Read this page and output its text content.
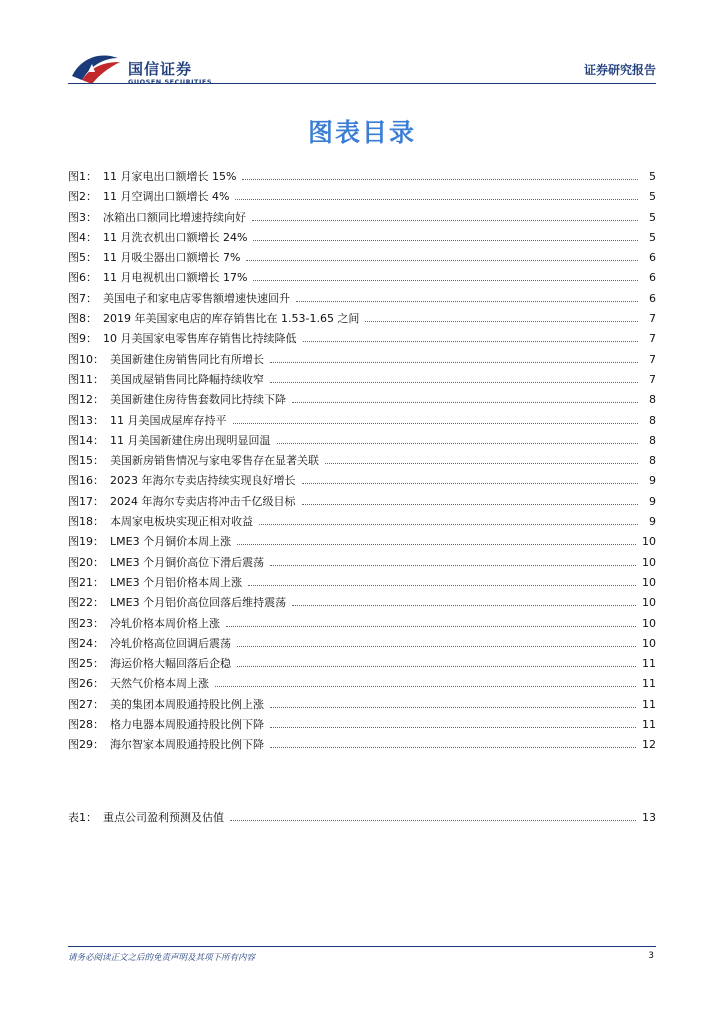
国信证券
GUOSEN SECURITIES
证券研究报告
图表目录
图1： 11 月家电出口额增长 15%	5
图2： 11 月空调出口额增长 4%	5
图3： 冰箱出口额同比增速持续向好	5
图4： 11 月洗衣机出口额增长 24%	5
图5： 11 月吸尘器出口额增长 7%	6
图6： 11 月电视机出口额增长 17%	6
图7： 美国电子和家电店零售额增速快速回升	6
图8： 2019 年美国家电店的库存销售比在 1.53-1.65 之间	7
图9： 10 月美国家电零售库存销售比持续降低	7
图10： 美国新建住房销售同比有所增长	7
图11： 美国成屋销售同比降幅持续收窄	7
图12： 美国新建住房待售套数同比持续下降	8
图13： 11 月美国成屋库存持平	8
图14： 11 月美国新建住房出现明显回温	8
图15： 美国新房销售情况与家电零售存在显著关联	8
图16： 2023 年海尔专卖店持续实现良好增长	9
图17： 2024 年海尔专卖店将冲击千亿级目标	9
图18： 本周家电板块实现正相对收益	9
图19： LME3 个月铜价本周上涨	10
图20： LME3 个月铜价高位下滑后震荡	10
图21： LME3 个月铝价格本周上涨	10
图22： LME3 个月铝价高位回落后维持震荡	10
图23： 冷轧价格本周价格上涨	10
图24： 冷轧价格高位回调后震荡	10
图25： 海运价格大幅回落后企稳	11
图26： 天然气价格本周上涨	11
图27： 美的集团本周股通持股比例上涨	11
图28： 格力电器本周股通持股比例下降	11
图29： 海尔智家本周股通持股比例下降	12
表1： 重点公司盈利预测及估值	13
请务必阅读正文之后的免责声明及其项下所有内容	3
